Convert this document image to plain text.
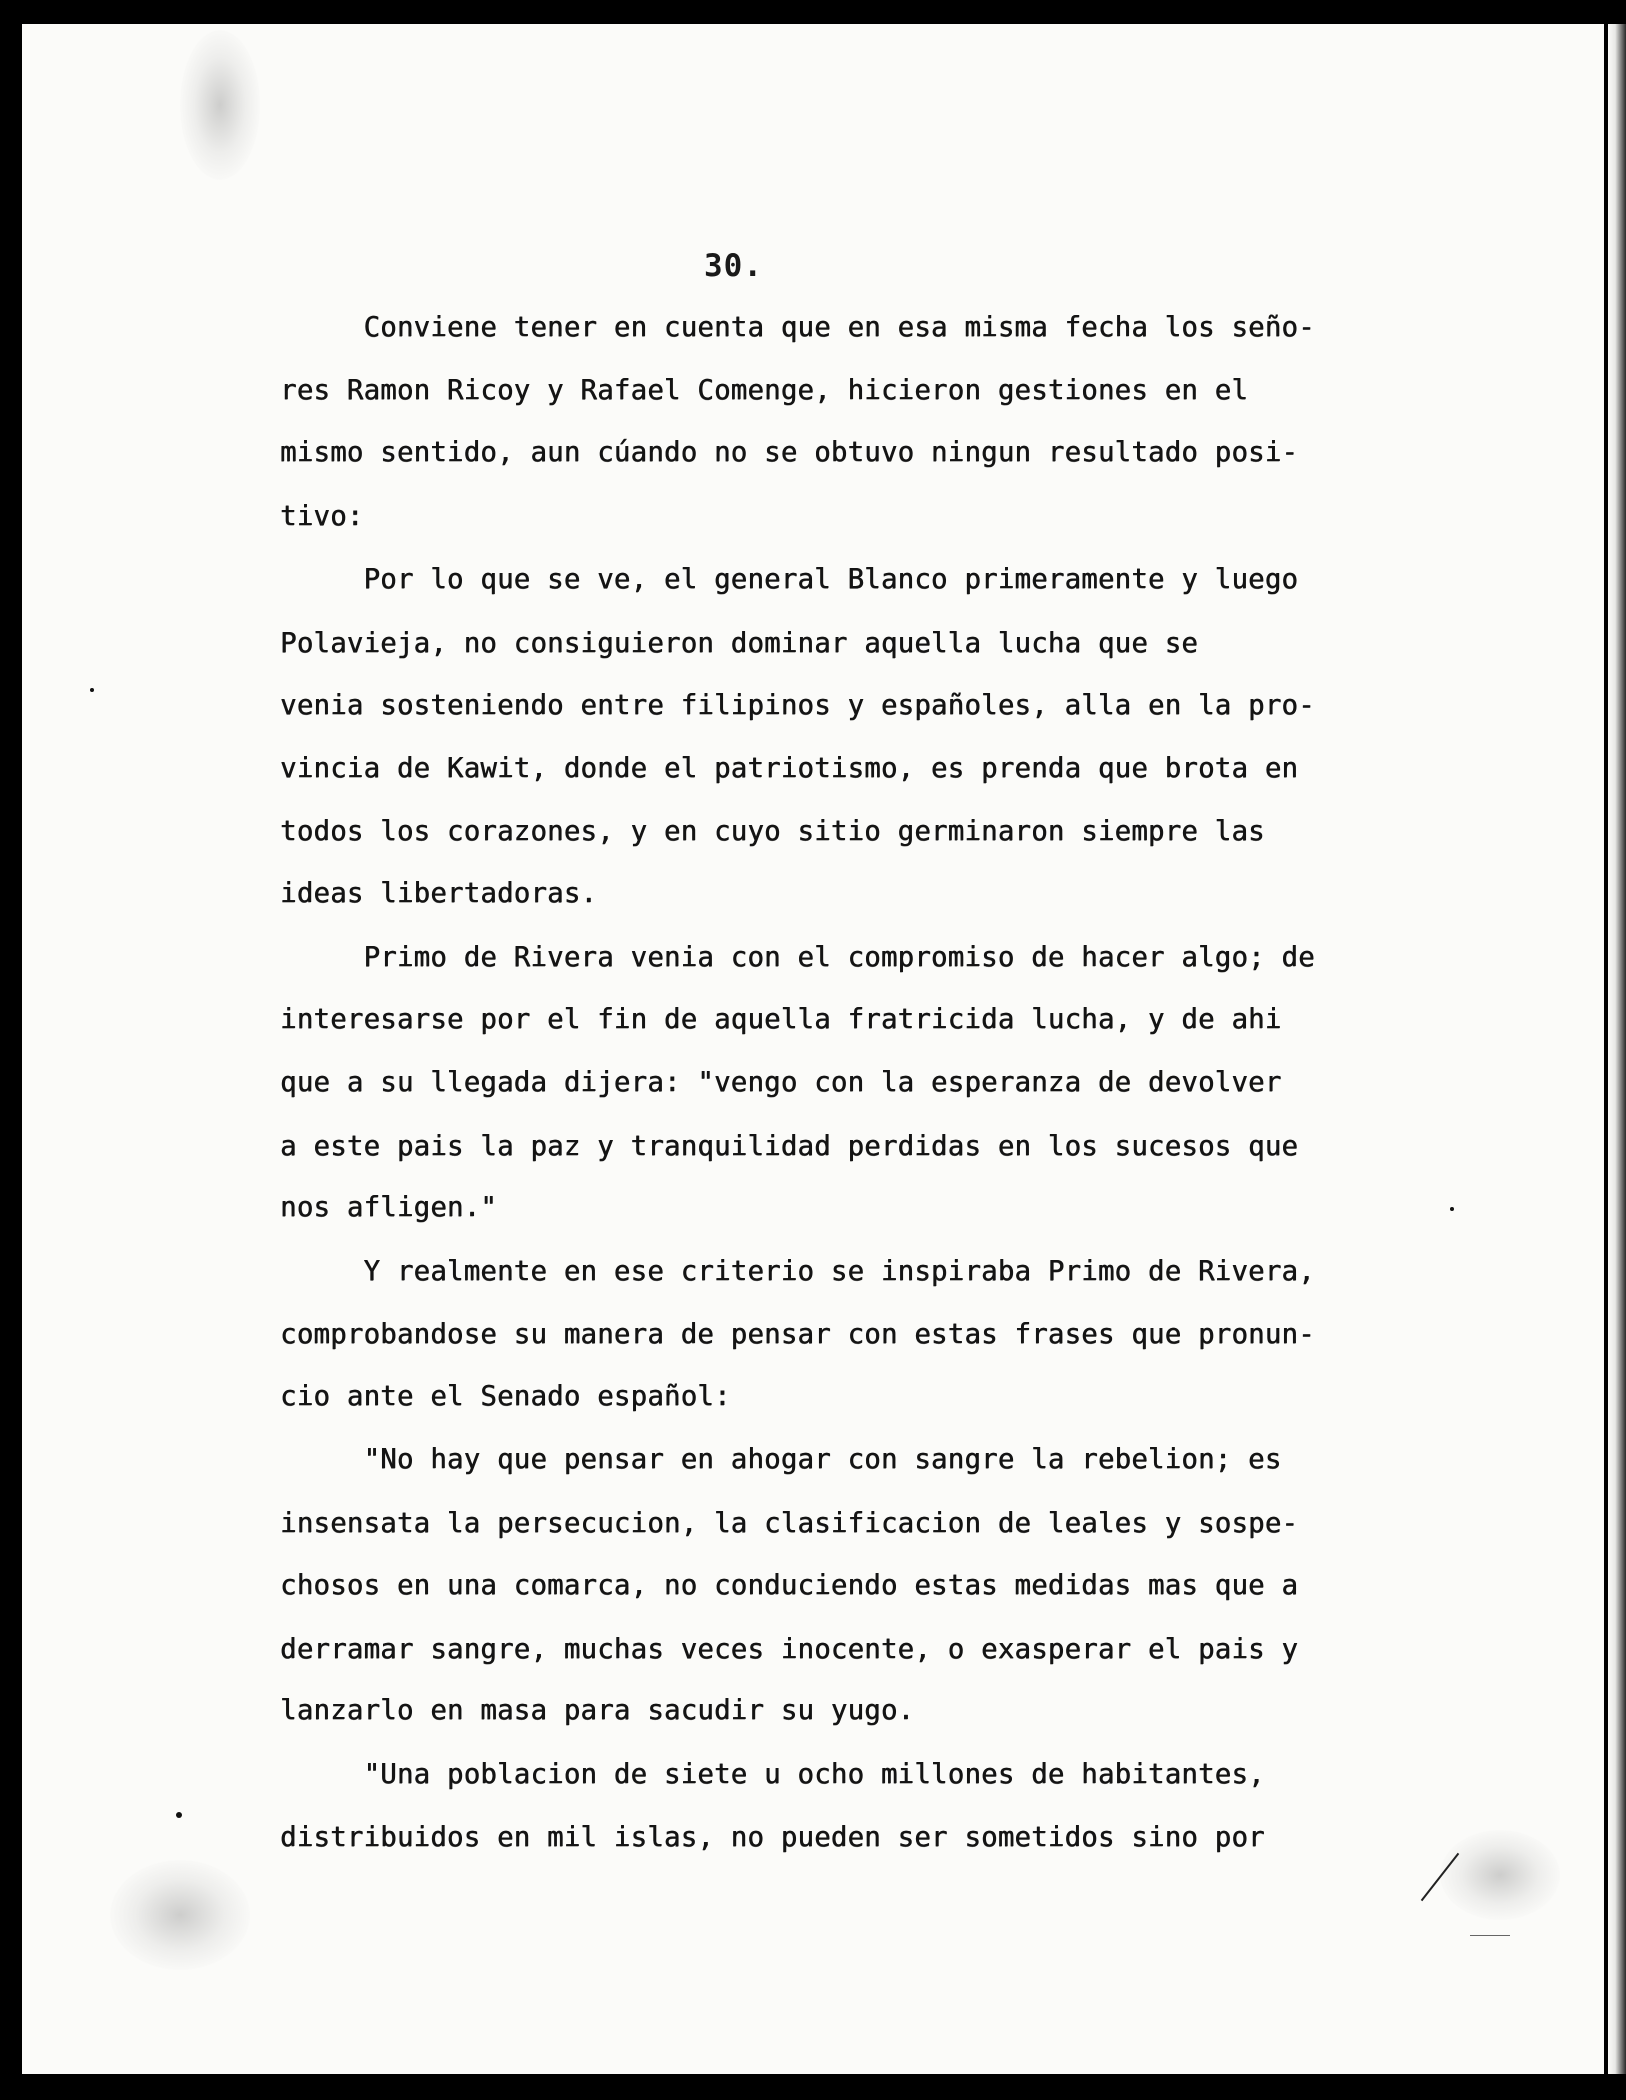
30.
Conviene tener en cuenta que en esa misma fecha los seño-
res Ramon Ricoy y Rafael Comenge, hicieron gestiones en el
mismo sentido, aun cúando no se obtuvo ningun resultado posi-
tivo:
Por lo que se ve, el general Blanco primeramente y luego
Polavieja, no consiguieron dominar aquella lucha que se
venia sosteniendo entre filipinos y españoles, alla en la pro-
vincia de Kawit, donde el patriotismo, es prenda que brota en
todos los corazones, y en cuyo sitio germinaron siempre las
ideas libertadoras.
Primo de Rivera venia con el compromiso de hacer algo; de
interesarse por el fin de aquella fratricida lucha, y de ahi
que a su llegada dijera: "vengo con la esperanza de devolver
a este pais la paz y tranquilidad perdidas en los sucesos que
nos afligen."
Y realmente en ese criterio se inspiraba Primo de Rivera,
comprobandose su manera de pensar con estas frases que pronun-
cio ante el Senado español:
"No hay que pensar en ahogar con sangre la rebelion; es
insensata la persecucion, la clasificacion de leales y sospe-
chosos en una comarca, no conduciendo estas medidas mas que a
derramar sangre, muchas veces inocente, o exasperar el pais y
lanzarlo en masa para sacudir su yugo.
"Una poblacion de siete u ocho millones de habitantes,
distribuidos en mil islas, no pueden ser sometidos sino por
